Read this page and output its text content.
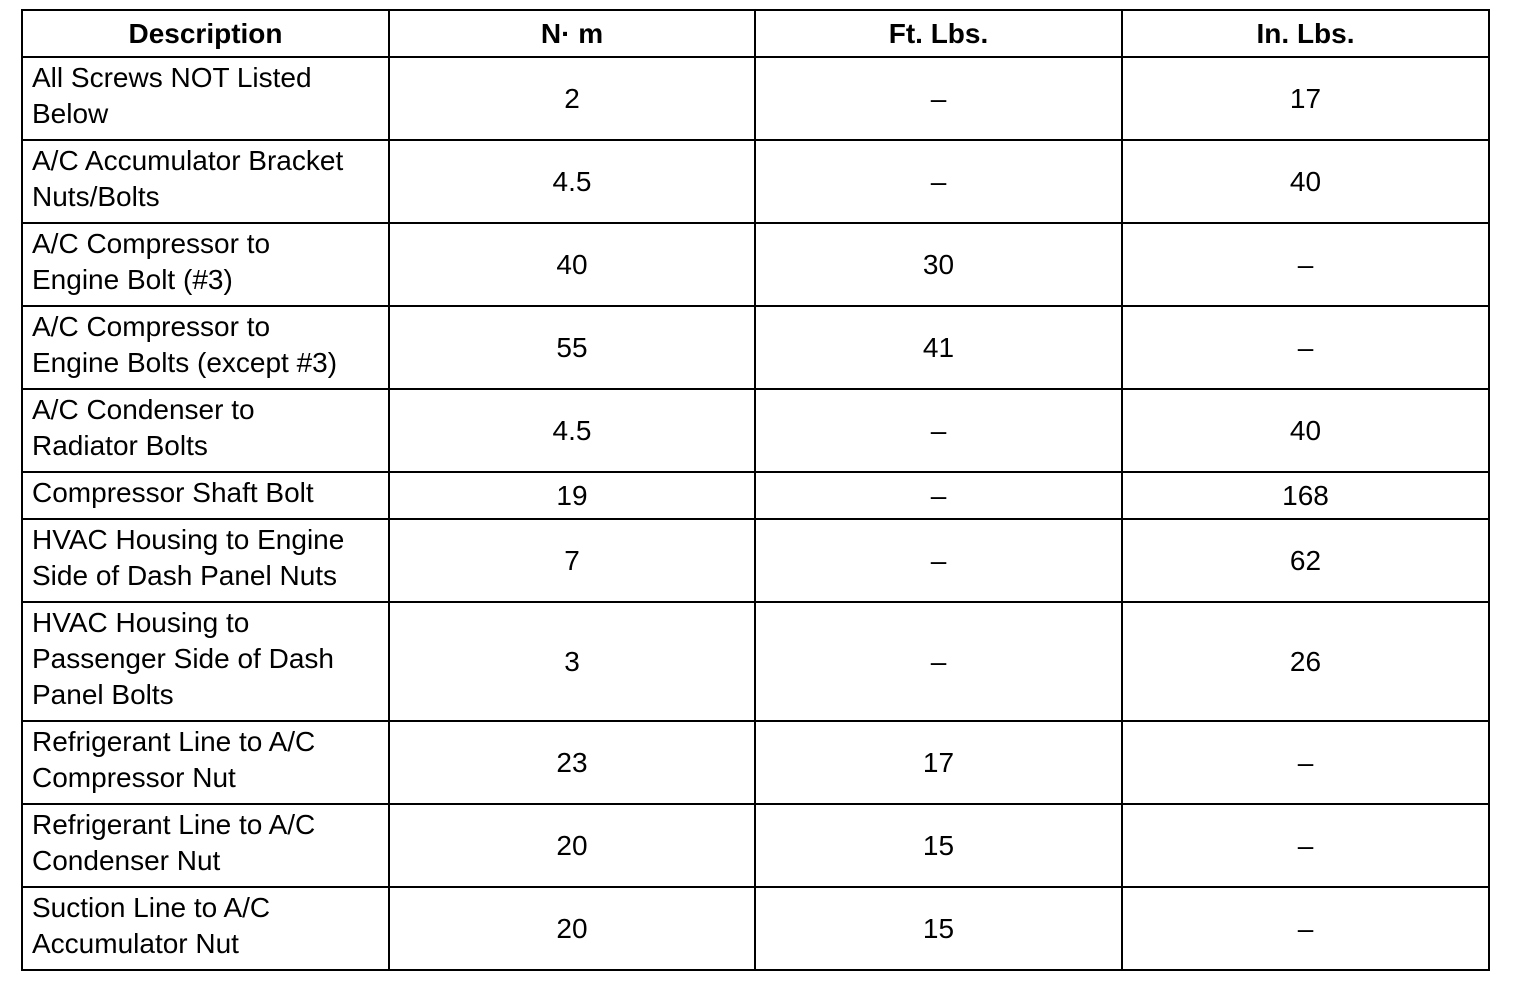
Description	N· m	Ft. Lbs.	In. Lbs.

All Screws NOT Listed
Below	2	–	17

A/C Accumulator Bracket
Nuts/Bolts	4.5	–	40

A/C Compressor to
Engine Bolt (#3)	40	30	–

A/C Compressor to
Engine Bolts (except #3)	55	41	–

A/C Condenser to
Radiator Bolts	4.5	–	40

Compressor Shaft Bolt	19	–	168

HVAC Housing to Engine
Side of Dash Panel Nuts	7	–	62

HVAC Housing to
Passenger Side of Dash
Panel Bolts	3	–	26

Refrigerant Line to A/C
Compressor Nut	23	17	–

Refrigerant Line to A/C
Condenser Nut	20	15	–

Suction Line to A/C
Accumulator Nut	20	15	–
